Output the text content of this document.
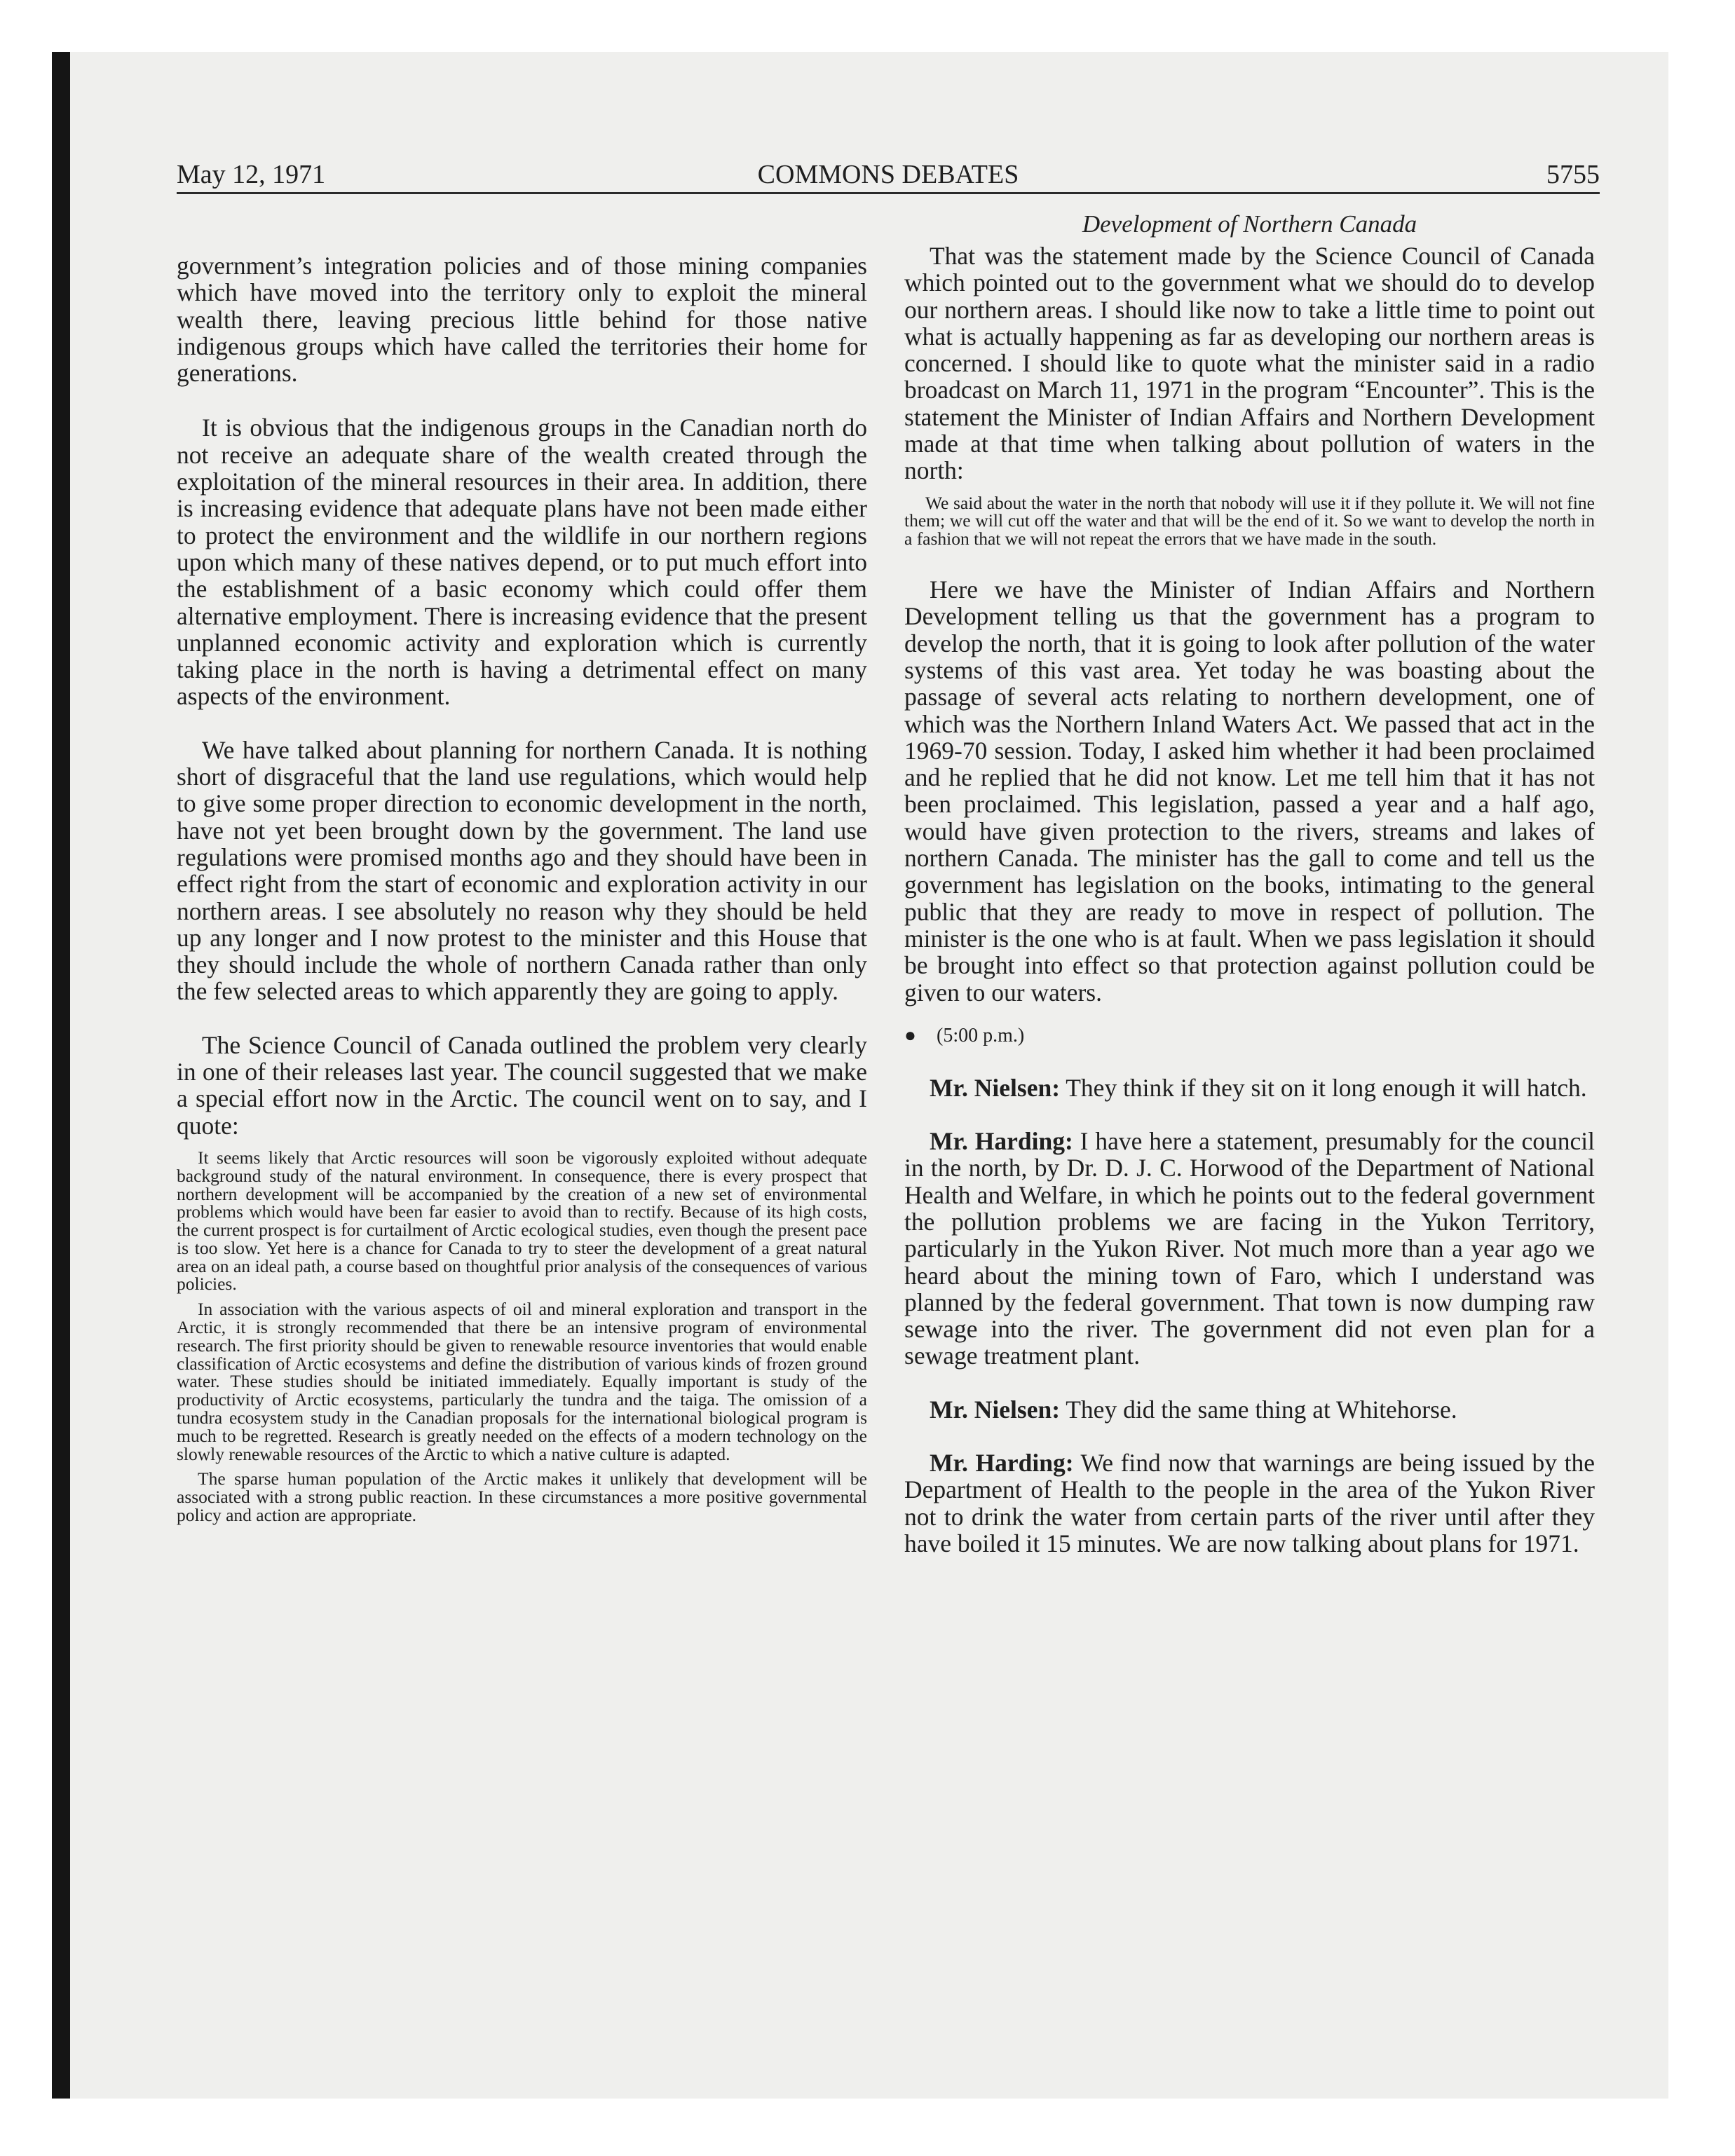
May 12, 1971	COMMONS DEBATES	5755

government’s integration policies and of those mining companies which have moved into the territory only to exploit the mineral wealth there, leaving precious little behind for those native indigenous groups which have called the territories their home for generations.

It is obvious that the indigenous groups in the Canadian north do not receive an adequate share of the wealth created through the exploitation of the mineral resources in their area. In addition, there is increasing evidence that adequate plans have not been made either to protect the environment and the wildlife in our northern regions upon which many of these natives depend, or to put much effort into the establishment of a basic economy which could offer them alternative employment. There is increasing evidence that the present unplanned economic activity and exploration which is currently taking place in the north is having a detrimental effect on many aspects of the environment.

We have talked about planning for northern Canada. It is nothing short of disgraceful that the land use regulations, which would help to give some proper direction to economic development in the north, have not yet been brought down by the government. The land use regulations were promised months ago and they should have been in effect right from the start of economic and exploration activity in our northern areas. I see absolutely no reason why they should be held up any longer and I now protest to the minister and this House that they should include the whole of northern Canada rather than only the few selected areas to which apparently they are going to apply.

The Science Council of Canada outlined the problem very clearly in one of their releases last year. The council suggested that we make a special effort now in the Arctic. The council went on to say, and I quote:

It seems likely that Arctic resources will soon be vigorously exploited without adequate background study of the natural environment. In consequence, there is every prospect that northern development will be accompanied by the creation of a new set of environmental problems which would have been far easier to avoid than to rectify. Because of its high costs, the current prospect is for curtailment of Arctic ecological studies, even though the present pace is too slow. Yet here is a chance for Canada to try to steer the development of a great natural area on an ideal path, a course based on thoughtful prior analysis of the consequences of various policies.

In association with the various aspects of oil and mineral exploration and transport in the Arctic, it is strongly recommended that there be an intensive program of environmental research. The first priority should be given to renewable resource inventories that would enable classification of Arctic ecosystems and define the distribution of various kinds of frozen ground water. These studies should be initiated immediately. Equally important is study of the productivity of Arctic ecosystems, particularly the tundra and the taiga. The omission of a tundra ecosystem study in the Canadian proposals for the international biological program is much to be regretted. Research is greatly needed on the effects of a modern technology on the slowly renewable resources of the Arctic to which a native culture is adapted.

The sparse human population of the Arctic makes it unlikely that development will be associated with a strong public reaction. In these circumstances a more positive governmental policy and action are appropriate.

Development of Northern Canada

That was the statement made by the Science Council of Canada which pointed out to the government what we should do to develop our northern areas. I should like now to take a little time to point out what is actually happening as far as developing our northern areas is concerned. I should like to quote what the minister said in a radio broadcast on March 11, 1971 in the program “Encounter”. This is the statement the Minister of Indian Affairs and Northern Development made at that time when talking about pollution of waters in the north:

We said about the water in the north that nobody will use it if they pollute it. We will not fine them; we will cut off the water and that will be the end of it. So we want to develop the north in a fashion that we will not repeat the errors that we have made in the south.

Here we have the Minister of Indian Affairs and Northern Development telling us that the government has a program to develop the north, that it is going to look after pollution of the water systems of this vast area. Yet today he was boasting about the passage of several acts relating to northern development, one of which was the Northern Inland Waters Act. We passed that act in the 1969-70 session. Today, I asked him whether it had been proclaimed and he replied that he did not know. Let me tell him that it has not been proclaimed. This legislation, passed a year and a half ago, would have given protection to the rivers, streams and lakes of northern Canada. The minister has the gall to come and tell us the government has legislation on the books, intimating to the general public that they are ready to move in respect of pollution. The minister is the one who is at fault. When we pass legislation it should be brought into effect so that protection against pollution could be given to our waters.

● (5:00 p.m.)

Mr. Nielsen: They think if they sit on it long enough it will hatch.

Mr. Harding: I have here a statement, presumably for the council in the north, by Dr. D. J. C. Horwood of the Department of National Health and Welfare, in which he points out to the federal government the pollution problems we are facing in the Yukon Territory, particularly in the Yukon River. Not much more than a year ago we heard about the mining town of Faro, which I understand was planned by the federal government. That town is now dumping raw sewage into the river. The government did not even plan for a sewage treatment plant.

Mr. Nielsen: They did the same thing at Whitehorse.

Mr. Harding: We find now that warnings are being issued by the Department of Health to the people in the area of the Yukon River not to drink the water from certain parts of the river until after they have boiled it 15 minutes. We are now talking about plans for 1971.
